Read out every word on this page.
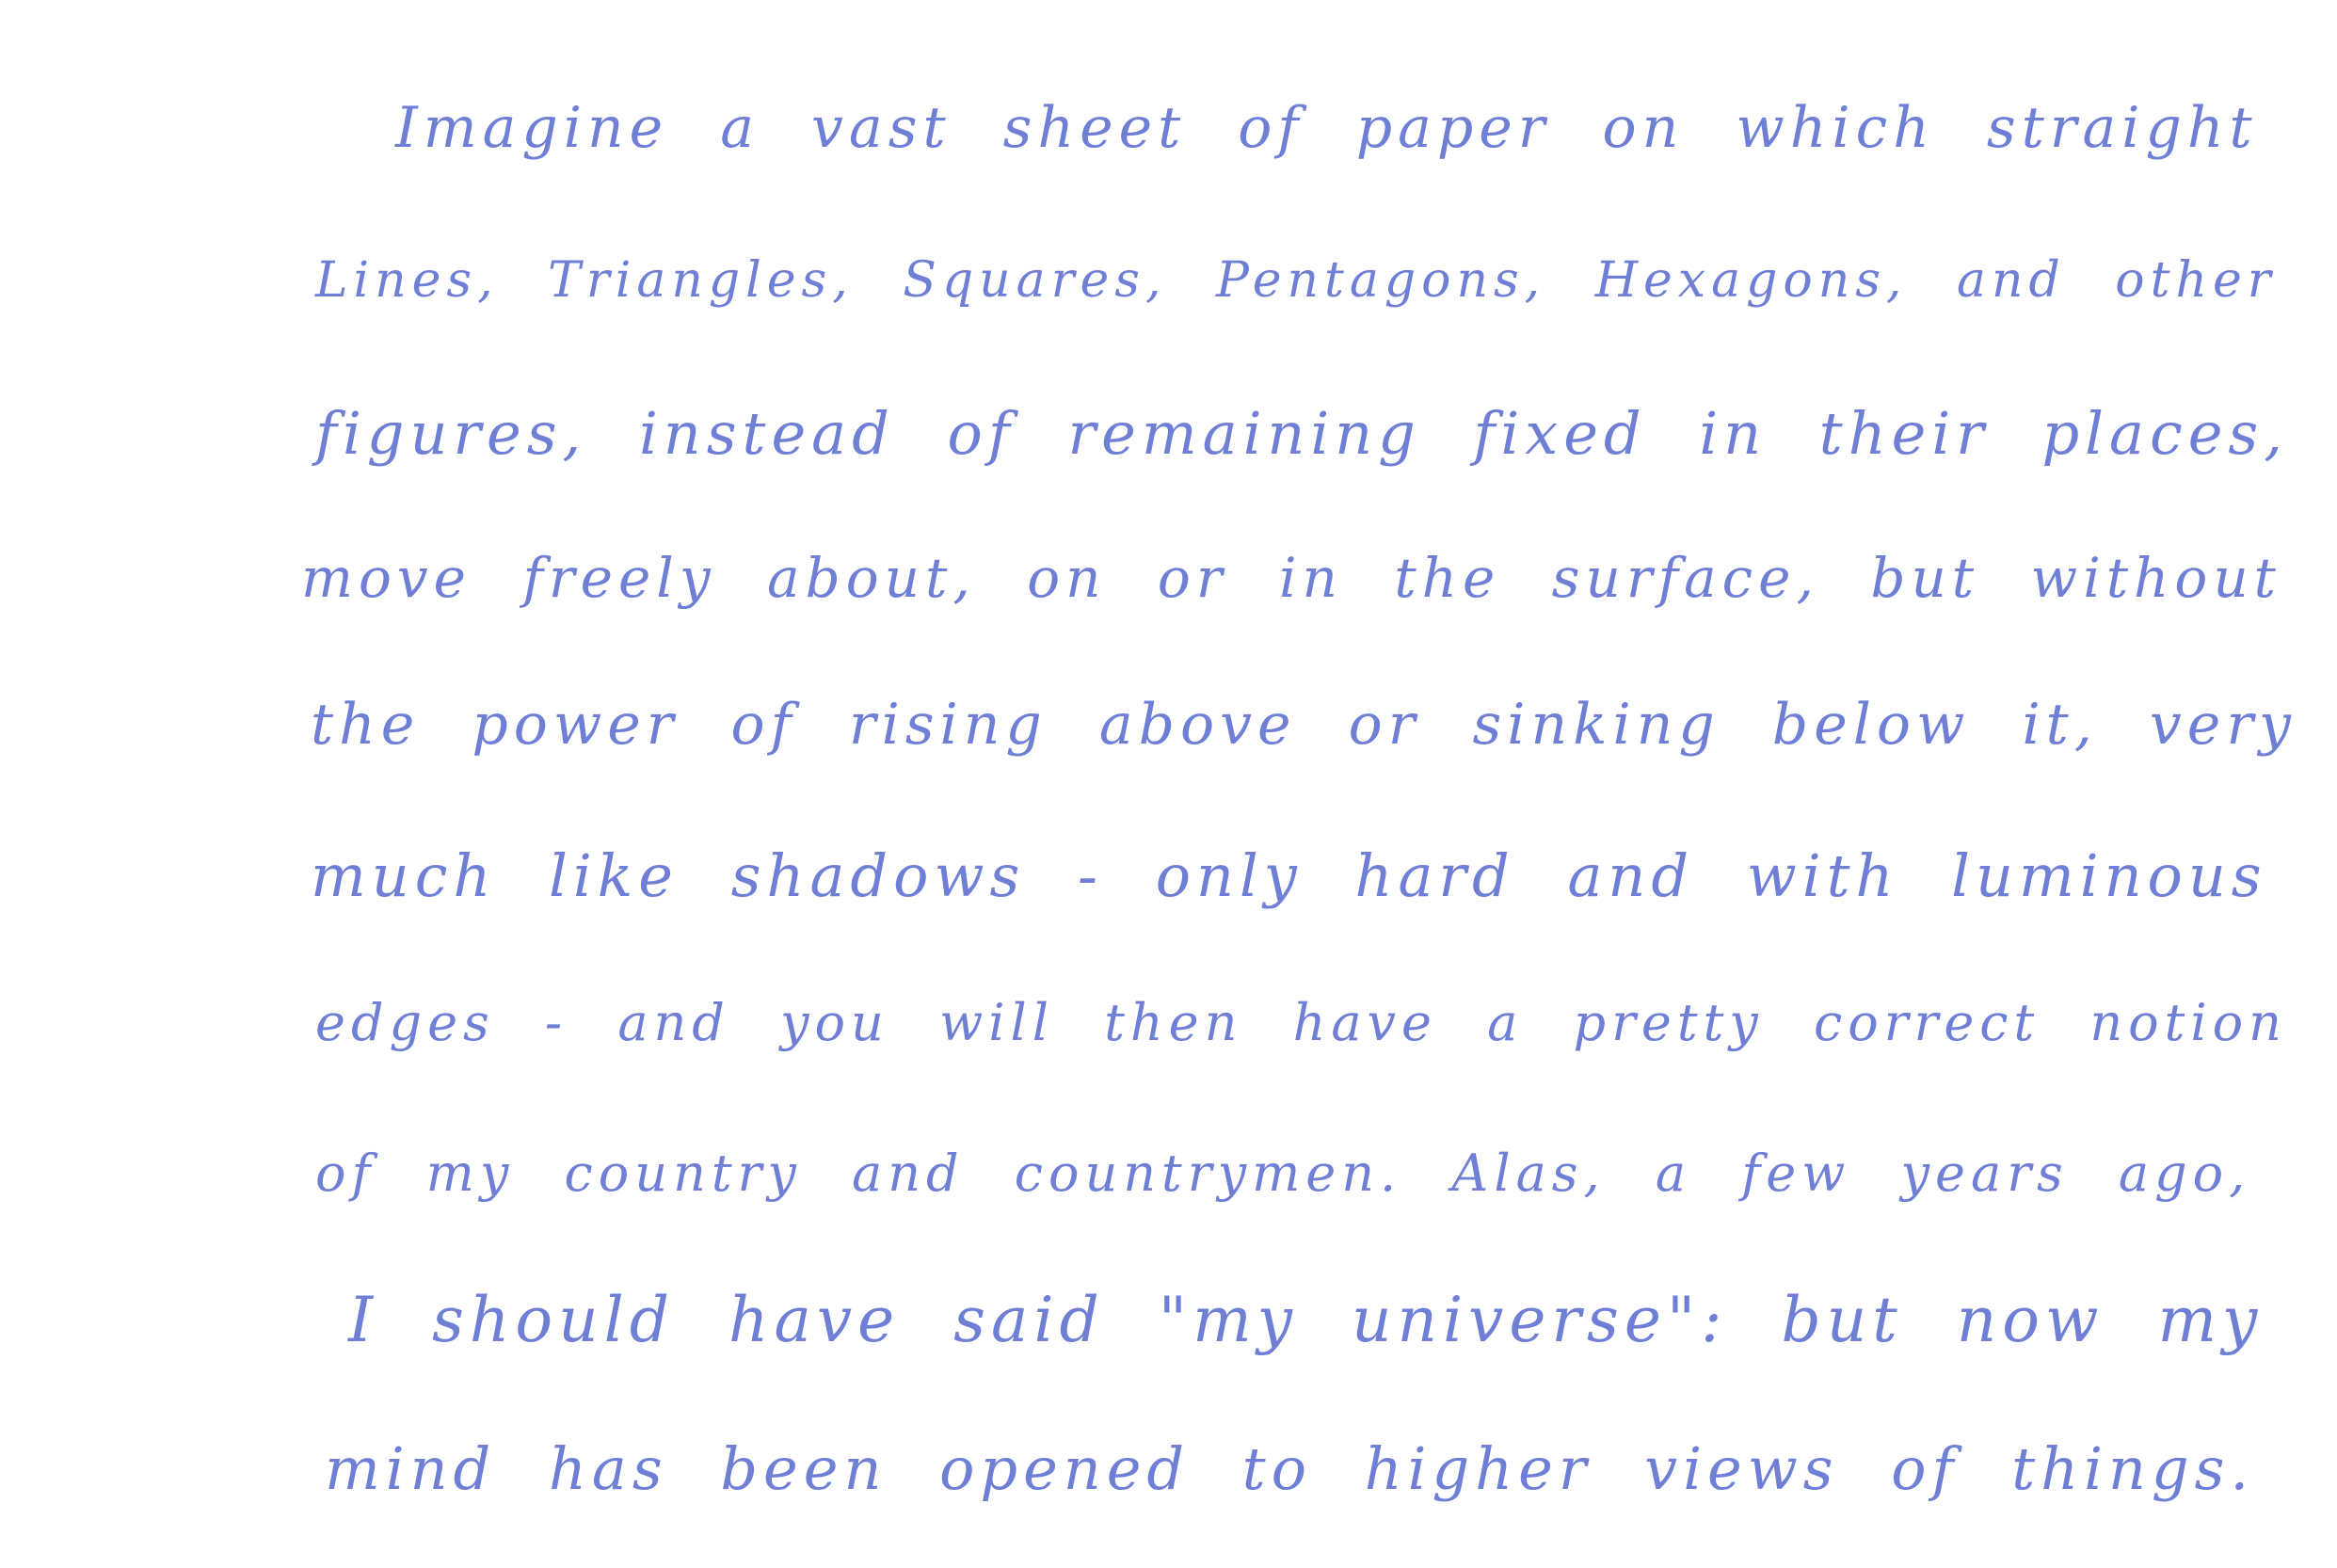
Imagine a vast sheet of paper on which straight
Lines, Triangles, Squares, Pentagons, Hexagons, and other
figures, instead of remaining fixed in their places,
move freely about, on or in the surface, but without
the power of rising above or sinking below it, very
much like shadows - only hard and with luminous
edges - and you will then have a pretty correct notion
of my country and countrymen. Alas, a few years ago,
I should have said "my universe": but now my
mind has been opened to higher views of things.
